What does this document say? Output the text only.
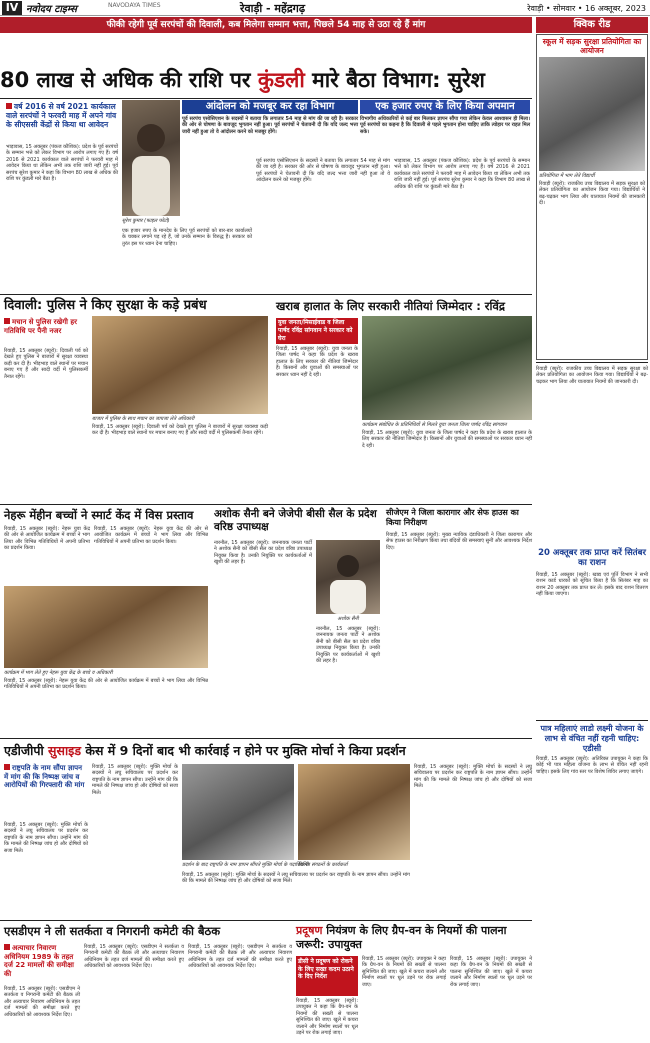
IV नवोदय टाइम्स	NAVODAYA TIMES	रेवाड़ी - महेंद्रगढ़	रेवाड़ी • सोमवार • 16 अक्तूबर, 2023
फीकी रहेगी पूर्व सरपंचों की दिवाली, कब मिलेगा सम्मान भत्ता, पिछले 54 माह से उठा रहे हैं मांग	क्विक रीड
80 लाख से अधिक की राशि पर कुंडली मारे बैठा विभाग: सुरेश
वर्ष 2016 से वर्ष 2021 कार्यकाल वाले सरपंचों ने फरवरी माह में अपने गांव के सीएससी केंद्रों से किया था आवेदन
भाड़ावास, 15 अक्तूबर (पंकज कौशिक): प्रदेश के पूर्व सरपंचों के सम्मान भत्ते को लेकर विभाग पर आरोप लगाए गए हैं। वर्ष 2016 से 2021 कार्यकाल वाले सरपंचों ने फरवरी माह में आवेदन किया था लेकिन अभी तक राशि जारी नहीं हुई। पूर्व सरपंच सुरेश कुमार ने कहा कि विभाग 80 लाख से अधिक की राशि पर कुंडली मारे बैठा है।
आंदोलन को मजबूर कर रहा विभाग	एक हजार रुपए के लिए किया अपमान
सुरेश कुमार (फाइल फोटो)
पूर्व सरपंच एसोसिएशन के सदस्यों ने बताया कि लगातार 54 माह से मांग की जा रही है। सरकार की ओर से घोषणा के बावजूद भुगतान नहीं हुआ। पूर्व सरपंचों ने चेतावनी दी कि यदि जल्द भत्ता जारी नहीं हुआ तो वे आंदोलन करने को मजबूर होंगे।
विभागीय अधिकारियों से कई बार मिलकर ज्ञापन सौंपा गया लेकिन केवल आश्वासन ही मिला। पूर्व सरपंचों का कहना है कि दिवाली से पहले भुगतान होना चाहिए ताकि त्योहार पर राहत मिल सके।
एक हजार रुपए के मानदेय के लिए पूर्व सरपंचों को बार-बार कार्यालयों के चक्कर लगाने पड़ रहे हैं, जो उनके सम्मान के विरुद्ध है। सरकार को तुरंत इस पर ध्यान देना चाहिए।
पूर्व सरपंच एसोसिएशन के सदस्यों ने बताया कि लगातार 54 माह से मांग की जा रही है। सरकार की ओर से घोषणा के बावजूद भुगतान नहीं हुआ। पूर्व सरपंचों ने चेतावनी दी कि यदि जल्द भत्ता जारी नहीं हुआ तो वे आंदोलन करने को मजबूर होंगे।
भाड़ावास, 15 अक्तूबर (पंकज कौशिक): प्रदेश के पूर्व सरपंचों के सम्मान भत्ते को लेकर विभाग पर आरोप लगाए गए हैं। वर्ष 2016 से 2021 कार्यकाल वाले सरपंचों ने फरवरी माह में आवेदन किया था लेकिन अभी तक राशि जारी नहीं हुई। पूर्व सरपंच सुरेश कुमार ने कहा कि विभाग 80 लाख से अधिक की राशि पर कुंडली मारे बैठा है।
स्कूल में सड़क सुरक्षा प्रतियोगिता का आयोजन
प्रतियोगिता में भाग लेते विद्यार्थी
रिवाड़ी (ब्यूरो): राजकीय उच्च विद्यालय में सड़क सुरक्षा को लेकर प्रतियोगिता का आयोजन किया गया। विद्यार्थियों ने बढ़-चढ़कर भाग लिया और यातायात नियमों की जानकारी दी।
दिवाली: पुलिस ने किए सुरक्षा के कड़े प्रबंध
मचान से पुलिस रखेगी हर गतिविधि पर पैनी नजर
रिवाड़ी, 15 अक्तूबर (ब्यूरो): दिवाली पर्व को देखते हुए पुलिस ने बाजारों में सुरक्षा व्यवस्था कड़ी कर दी है। भीड़भाड़ वाले स्थानों पर मचान बनाए गए हैं और सादी वर्दी में पुलिसकर्मी तैनात रहेंगे।
बाजार में पुलिस के साथ मचान का जायजा लेते अधिकारी
रिवाड़ी, 15 अक्तूबर (ब्यूरो): दिवाली पर्व को देखते हुए पुलिस ने बाजारों में सुरक्षा व्यवस्था कड़ी कर दी है। भीड़भाड़ वाले स्थानों पर मचान बनाए गए हैं और सादी वर्दी में पुलिसकर्मी तैनात रहेंगे।
खराब हालात के लिए सरकारी नीतियां जिम्मेदार : रविंद्र
युवा जनता/मिसाईवाड व जिला पार्षद रविंद्र सांगवान ने सरकार को घेरा
रिवाड़ी, 15 अक्तूबर (ब्यूरो): युवा जनता के जिला पार्षद ने कहा कि प्रदेश के खराब हालात के लिए सरकार की नीतियां जिम्मेदार हैं। किसानों और युवाओं की समस्याओं पर सरकार ध्यान नहीं दे रही।
कार्यक्रम संबोधित के प्रतिनिधियों से मिलते युवा जनता जिला पार्षद रविंद्र सांगवान
रिवाड़ी, 15 अक्तूबर (ब्यूरो): युवा जनता के जिला पार्षद ने कहा कि प्रदेश के खराब हालात के लिए सरकार की नीतियां जिम्मेदार हैं। किसानों और युवाओं की समस्याओं पर सरकार ध्यान नहीं दे रही।
नेहरू मेंहीन बच्चों ने स्मार्ट केंद में विस प्रस्ताव
रिवाड़ी, 15 अक्तूबर (ब्यूरो): नेहरू युवा केंद्र की ओर से आयोजित कार्यक्रम में बच्चों ने भाग लिया और विभिन्न गतिविधियों में अपनी प्रतिभा का प्रदर्शन किया।
कार्यक्रम में भाग लेते हुए नेहरू युवा केंद्र के बच्चे व अधिकारी
रिवाड़ी, 15 अक्तूबर (ब्यूरो): नेहरू युवा केंद्र की ओर से आयोजित कार्यक्रम में बच्चों ने भाग लिया और विभिन्न गतिविधियों में अपनी प्रतिभा का प्रदर्शन किया।
रिवाड़ी, 15 अक्तूबर (ब्यूरो): नेहरू युवा केंद्र की ओर से आयोजित कार्यक्रम में बच्चों ने भाग लिया और विभिन्न गतिविधियों में अपनी प्रतिभा का प्रदर्शन किया।
अशोक सैनी बने जेजेपी बीसी सैल के प्रदेश वरिष्ठ उपाध्यक्ष
नारनौल, 15 अक्तूबर (ब्यूरो): जननायक जनता पार्टी ने अशोक सैनी को बीसी सैल का प्रदेश वरिष्ठ उपाध्यक्ष नियुक्त किया है। उनकी नियुक्ति पर कार्यकर्ताओं में खुशी की लहर है।
अशोक सैनी
नारनौल, 15 अक्तूबर (ब्यूरो): जननायक जनता पार्टी ने अशोक सैनी को बीसी सैल का प्रदेश वरिष्ठ उपाध्यक्ष नियुक्त किया है। उनकी नियुक्ति पर कार्यकर्ताओं में खुशी की लहर है।
सीजेएम ने जिला कारागार और सेफ हाउस का किया निरीक्षण
रिवाड़ी, 15 अक्तूबर (ब्यूरो): मुख्य न्यायिक दंडाधिकारी ने जिला कारागार और सेफ हाउस का निरीक्षण किया तथा बंदियों की समस्याएं सुनीं और आवश्यक निर्देश दिए।
रिवाड़ी (ब्यूरो): राजकीय उच्च विद्यालय में सड़क सुरक्षा को लेकर प्रतियोगिता का आयोजन किया गया। विद्यार्थियों ने बढ़-चढ़कर भाग लिया और यातायात नियमों की जानकारी दी।
20 अक्तूबर तक प्राप्त करें सितंबर का राशन
रिवाड़ी, 15 अक्तूबर (ब्यूरो): खाद्य एवं पूर्ति विभाग ने सभी राशन कार्ड धारकों को सूचित किया है कि सितंबर माह का राशन 20 अक्तूबर तक प्राप्त कर लें। इसके बाद राशन वितरण नहीं किया जाएगा।
पात्र महिलाएं लाडो लक्ष्मी योजना के लाभ से वंचित नहीं रहनी चाहिए: एडीसी
रिवाड़ी, 15 अक्तूबर (ब्यूरो): अतिरिक्त उपायुक्त ने कहा कि कोई भी पात्र महिला योजना के लाभ से वंचित नहीं रहनी चाहिए। इसके लिए गांव स्तर पर विशेष शिविर लगाए जाएंगे।
एडीजीपी सुसाइड केस में 9 दिनों बाद भी कार्रवाई न होने पर मुक्ति मोर्चा ने किया प्रदर्शन
राष्ट्रपति के नाम सौंपा ज्ञापन में मांग की कि निष्पक्ष जांच व आरोपियों की गिरफ्तारी की मांग
रिवाड़ी, 15 अक्तूबर (ब्यूरो): मुक्ति मोर्चा के सदस्यों ने लघु सचिवालय पर प्रदर्शन कर राष्ट्रपति के नाम ज्ञापन सौंपा। उन्होंने मांग की कि मामले की निष्पक्ष जांच हो और दोषियों को सजा मिले।
रिवाड़ी, 15 अक्तूबर (ब्यूरो): मुक्ति मोर्चा के सदस्यों ने लघु सचिवालय पर प्रदर्शन कर राष्ट्रपति के नाम ज्ञापन सौंपा। उन्होंने मांग की कि मामले की निष्पक्ष जांच हो और दोषियों को सजा मिले।
प्रदर्शन के बाद राष्ट्रपति के नाम ज्ञापन सौंपते मुक्ति मोर्चा के पदाधिकारी
विभिन्न संगठनों के कार्यकर्ता
रिवाड़ी, 15 अक्तूबर (ब्यूरो): मुक्ति मोर्चा के सदस्यों ने लघु सचिवालय पर प्रदर्शन कर राष्ट्रपति के नाम ज्ञापन सौंपा। उन्होंने मांग की कि मामले की निष्पक्ष जांच हो और दोषियों को सजा मिले।
रिवाड़ी, 15 अक्तूबर (ब्यूरो): मुक्ति मोर्चा के सदस्यों ने लघु सचिवालय पर प्रदर्शन कर राष्ट्रपति के नाम ज्ञापन सौंपा। उन्होंने मांग की कि मामले की निष्पक्ष जांच हो और दोषियों को सजा मिले।
एसडीएम ने ली सतर्कता व निगरानी कमेटी की बैठक
अत्याचार निवारण अधिनियम 1989 के तहत दर्ज 22 मामलों की समीक्षा की
रिवाड़ी, 15 अक्तूबर (ब्यूरो): एसडीएम ने सतर्कता व निगरानी कमेटी की बैठक ली और अत्याचार निवारण अधिनियम के तहत दर्ज मामलों की समीक्षा करते हुए अधिकारियों को आवश्यक निर्देश दिए।
रिवाड़ी, 15 अक्तूबर (ब्यूरो): एसडीएम ने सतर्कता व निगरानी कमेटी की बैठक ली और अत्याचार निवारण अधिनियम के तहत दर्ज मामलों की समीक्षा करते हुए अधिकारियों को आवश्यक निर्देश दिए।
रिवाड़ी, 15 अक्तूबर (ब्यूरो): एसडीएम ने सतर्कता व निगरानी कमेटी की बैठक ली और अत्याचार निवारण अधिनियम के तहत दर्ज मामलों की समीक्षा करते हुए अधिकारियों को आवश्यक निर्देश दिए।
प्रदूषण नियंत्रण के लिए ग्रैप-वन के नियमों की पालना जरूरी: उपायुक्त
डीसी ने प्रदूषण को रोकने के लिए सख्त कदम उठाने के दिए निर्देश
रिवाड़ी, 15 अक्तूबर (ब्यूरो): उपायुक्त ने कहा कि ग्रैप-वन के नियमों की सख्ती से पालना सुनिश्चित की जाए। खुले में कचरा जलाने और निर्माण स्थलों पर धूल उड़ने पर रोक लगाई जाए।
रिवाड़ी, 15 अक्तूबर (ब्यूरो): उपायुक्त ने कहा कि ग्रैप-वन के नियमों की सख्ती से पालना सुनिश्चित की जाए। खुले में कचरा जलाने और निर्माण स्थलों पर धूल उड़ने पर रोक लगाई जाए।
रिवाड़ी, 15 अक्तूबर (ब्यूरो): उपायुक्त ने कहा कि ग्रैप-वन के नियमों की सख्ती से पालना सुनिश्चित की जाए। खुले में कचरा जलाने और निर्माण स्थलों पर धूल उड़ने पर रोक लगाई जाए।
